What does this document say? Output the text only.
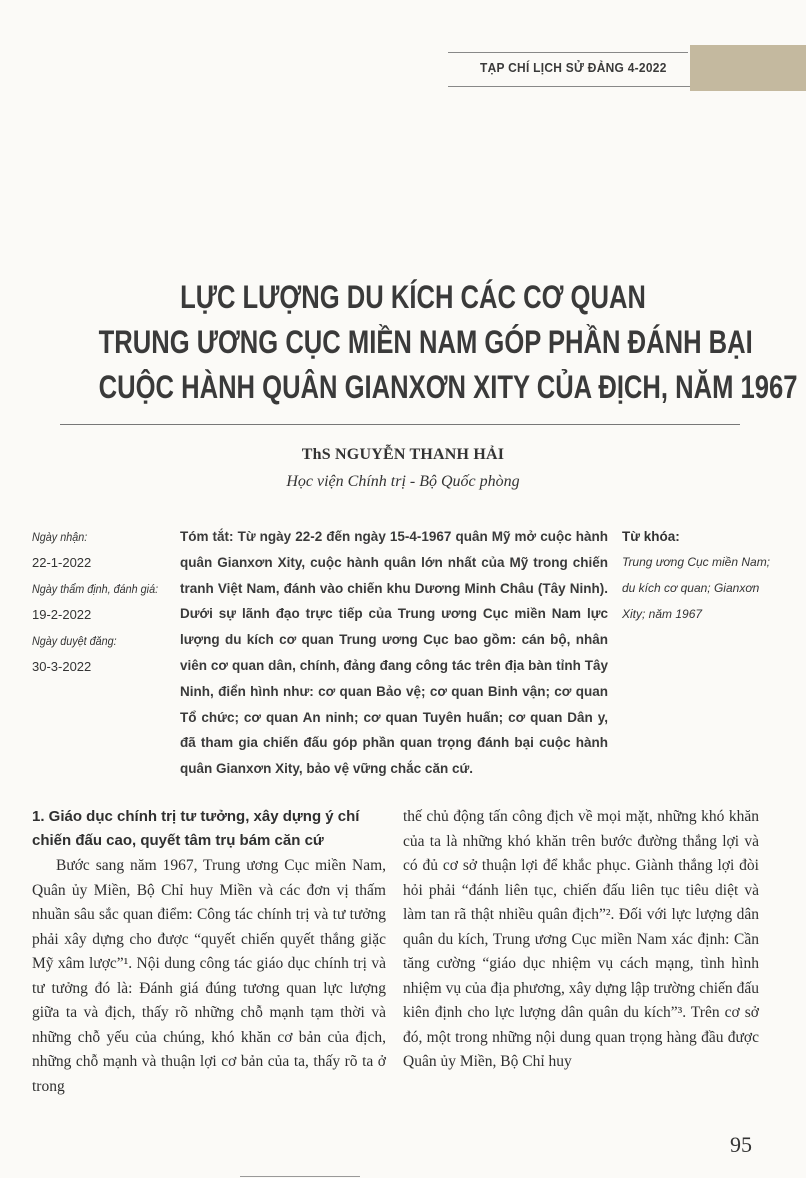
TẠP CHÍ LỊCH SỬ ĐẢNG 4-2022
LỰC LƯỢNG DU KÍCH CÁC CƠ QUAN
TRUNG ƯƠNG CỤC MIỀN NAM GÓP PHẦN ĐÁNH BẠI
CUỘC HÀNH QUÂN GIANXƠN XITY CỦA ĐỊCH, NĂM 1967
ThS NGUYỄN THANH HẢI
Học viện Chính trị - Bộ Quốc phòng
Ngày nhận:
22-1-2022
Ngày thẩm định, đánh giá:
19-2-2022
Ngày duyệt đăng:
30-3-2022
Tóm tắt: Từ ngày 22-2 đến ngày 15-4-1967 quân Mỹ mở cuộc hành quân Gianxơn Xity, cuộc hành quân lớn nhất của Mỹ trong chiến tranh Việt Nam, đánh vào chiến khu Dương Minh Châu (Tây Ninh). Dưới sự lãnh đạo trực tiếp của Trung ương Cục miền Nam lực lượng du kích cơ quan Trung ương Cục bao gồm: cán bộ, nhân viên cơ quan dân, chính, đảng đang công tác trên địa bàn tỉnh Tây Ninh, điển hình như: cơ quan Bảo vệ; cơ quan Binh vận; cơ quan Tổ chức; cơ quan An ninh; cơ quan Tuyên huấn; cơ quan Dân y, đã tham gia chiến đấu góp phần quan trọng đánh bại cuộc hành quân Gianxơn Xity, bảo vệ vững chắc căn cứ.
Từ khóa:
Trung ương Cục miền Nam; du kích cơ quan; Gianxơn Xity; năm 1967
1. Giáo dục chính trị tư tưởng, xây dựng ý chí chiến đấu cao, quyết tâm trụ bám căn cứ

Bước sang năm 1967, Trung ương Cục miền Nam, Quân ủy Miền, Bộ Chỉ huy Miền và các đơn vị thấm nhuần sâu sắc quan điểm: Công tác chính trị và tư tưởng phải xây dựng cho được “quyết chiến quyết thắng giặc Mỹ xâm lược”¹. Nội dung công tác giáo dục chính trị và tư tưởng đó là: Đánh giá đúng tương quan lực lượng giữa ta và địch, thấy rõ những chỗ mạnh tạm thời và những chỗ yếu của chúng, khó khăn cơ bản của địch, những chỗ mạnh và thuận lợi cơ bản của ta, thấy rõ ta ở trong

thế chủ động tấn công địch về mọi mặt, những khó khăn của ta là những khó khăn trên bước đường thắng lợi và có đủ cơ sở thuận lợi để khắc phục. Giành thắng lợi đòi hỏi phải “đánh liên tục, chiến đấu liên tục tiêu diệt và làm tan rã thật nhiều quân địch”². Đối với lực lượng dân quân du kích, Trung ương Cục miền Nam xác định: Cần tăng cường “giáo dục nhiệm vụ cách mạng, tình hình nhiệm vụ của địa phương, xây dựng lập trường chiến đấu kiên định cho lực lượng dân quân du kích”³. Trên cơ sở đó, một trong những nội dung quan trọng hàng đầu được Quân ủy Miền, Bộ Chỉ huy

95
